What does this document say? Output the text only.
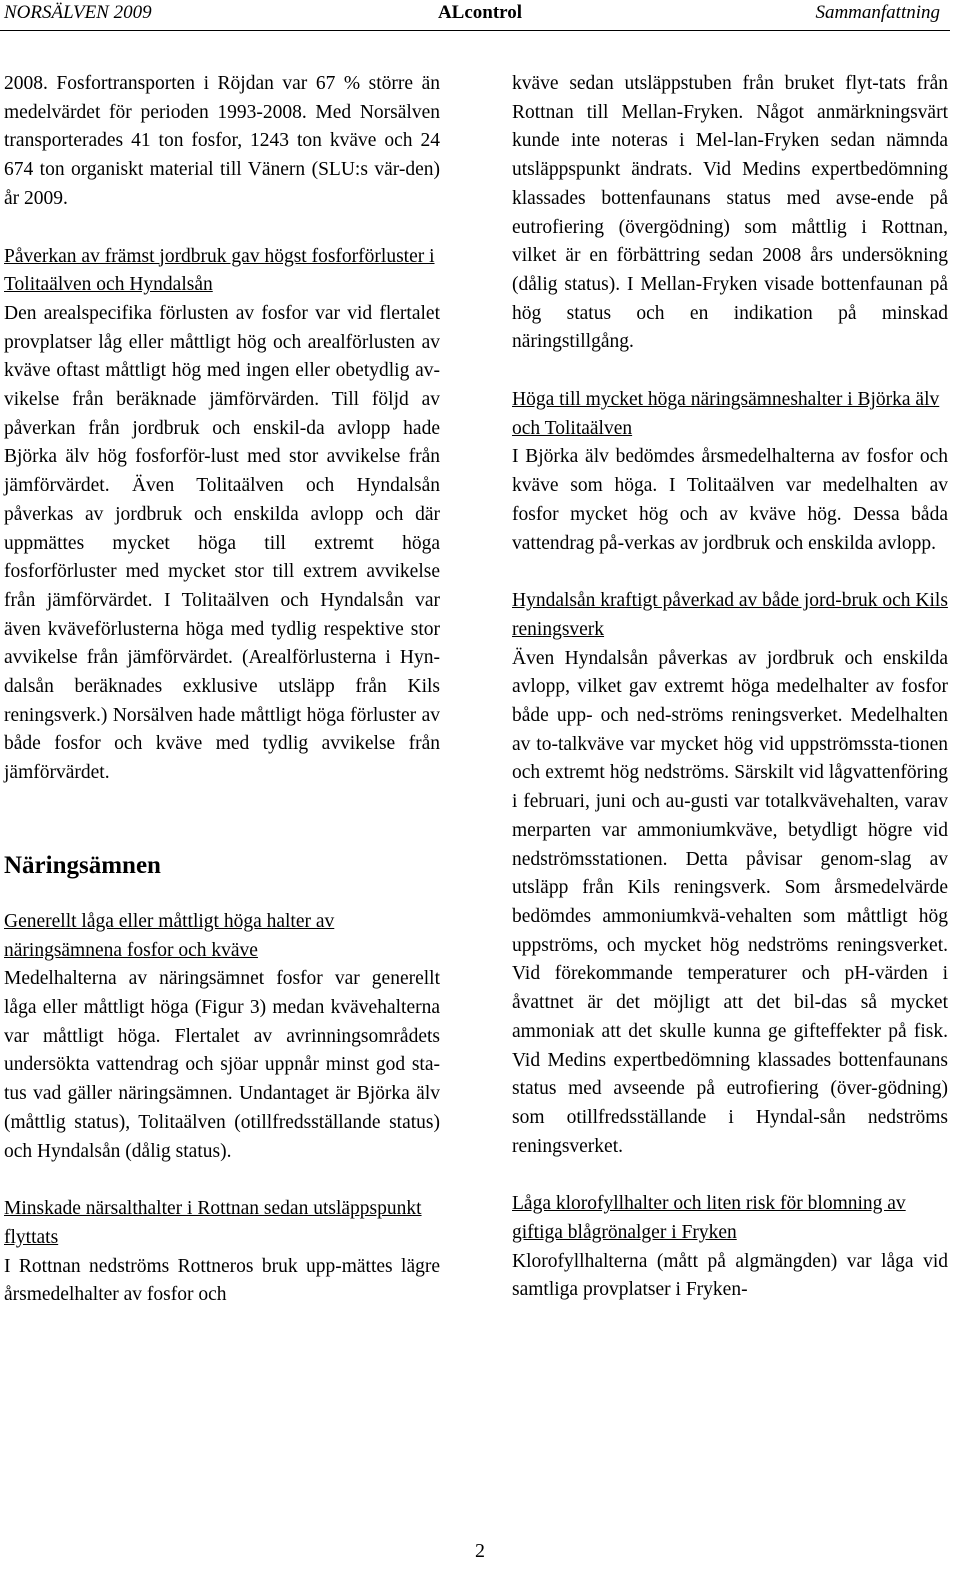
NORSÄLVEN 2009	ALcontrol	Sammanfattning

2008. Fosfortransporten i Röjdan var 67 % större än medelvärdet för perioden 1993-2008. Med Norsälven transporterades 41 ton fosfor, 1243 ton kväve och 24 674 ton organiskt material till Vänern (SLU:s vär-den) år 2009.

Påverkan av främst jordbruk gav högst fosforförluster i Tolitaälven och Hyndalsån

Den arealspecifika förlusten av fosfor var vid flertalet provplatser låg eller måttligt hög och arealförlusten av kväve oftast måttligt hög med ingen eller obetydlig av-vikelse från beräknade jämförvärden. Till följd av påverkan från jordbruk och enskil-da avlopp hade Björka älv hög fosforför-lust med stor avvikelse från jämförvärdet. Även Tolitaälven och Hyndalsån påverkas av jordbruk och enskilda avlopp och där uppmättes mycket höga till extremt höga fosforförluster med mycket stor till extrem avvikelse från jämförvärdet. I Tolitaälven och Hyndalsån var även kväveförlusterna höga med tydlig respektive stor avvikelse från jämförvärdet. (Arealförlusterna i Hyn-dalsån beräknades exklusive utsläpp från Kils reningsverk.) Norsälven hade måttligt höga förluster av både fosfor och kväve med tydlig avvikelse från jämförvärdet.

Näringsämnen

Generellt låga eller måttligt höga halter av näringsämnena fosfor och kväve

Medelhalterna av näringsämnet fosfor var generellt låga eller måttligt höga (Figur 3) medan kvävehalterna var måttligt höga. Flertalet av avrinningsområdets undersökta vattendrag och sjöar uppnår minst god sta-tus vad gäller näringsämnen. Undantaget är Björka älv (måttlig status), Tolitaälven (otillfredsställande status) och Hyndalsån (dålig status).

Minskade närsalthalter i Rottnan sedan utsläppspunkt flyttats

I Rottnan nedströms Rottneros bruk upp-mättes lägre årsmedelhalter av fosfor och

kväve sedan utsläppstuben från bruket flyt-tats från Rottnan till Mellan-Fryken. Något anmärkningsvärt kunde inte noteras i Mel-lan-Fryken sedan nämnda utsläppspunkt ändrats. Vid Medins expertbedömning klassades bottenfaunans status med avse-ende på eutrofiering (övergödning) som måttlig i Rottnan, vilket är en förbättring sedan 2008 års undersökning (dålig status). I Mellan-Fryken visade bottenfaunan på hög status och en indikation på minskad näringstillgång.

Höga till mycket höga näringsämneshalter i Björka älv och Tolitaälven

I Björka älv bedömdes årsmedelhalterna av fosfor och kväve som höga. I Tolitaälven var medelhalten av fosfor mycket hög och av kväve hög. Dessa båda vattendrag på-verkas av jordbruk och enskilda avlopp.

Hyndalsån kraftigt påverkad av både jord-bruk och Kils reningsverk

Även Hyndalsån påverkas av jordbruk och enskilda avlopp, vilket gav extremt höga medelhalter av fosfor både upp- och ned-ströms reningsverket. Medelhalten av to-talkväve var mycket hög vid uppströmssta-tionen och extremt hög nedströms. Särskilt vid lågvattenföring i februari, juni och au-gusti var totalkvävehalten, varav merparten var ammoniumkväve, betydligt högre vid nedströmsstationen. Detta påvisar genom-slag av utsläpp från Kils reningsverk. Som årsmedelvärde bedömdes ammoniumkvä-vehalten som måttligt hög uppströms, och mycket hög nedströms reningsverket. Vid förekommande temperaturer och pH-värden i åvattnet är det möjligt att det bil-das så mycket ammoniak att det skulle kunna ge gifteffekter på fisk. Vid Medins expertbedömning klassades bottenfaunans status med avseende på eutrofiering (över-gödning) som otillfredsställande i Hyndal-sån nedströms reningsverket.

Låga klorofyllhalter och liten risk för blomning av giftiga blågrönalger i Fryken

Klorofyllhalterna (mått på algmängden) var låga vid samtliga provplatser i Fryken-

2
